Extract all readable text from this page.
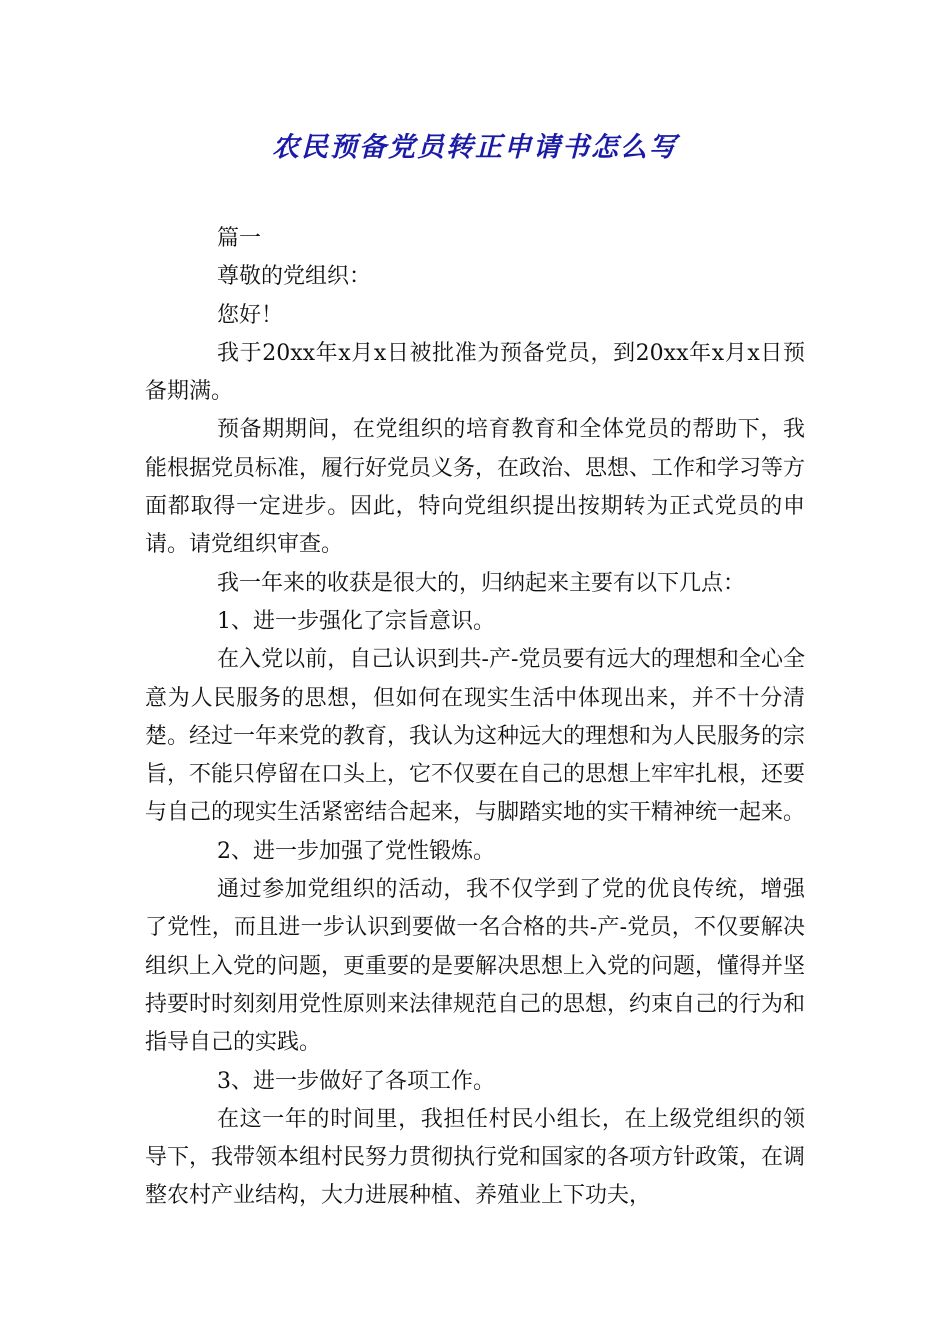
农民预备党员转正申请书怎么写

篇一

尊敬的党组织：

您好！

我于20xx年x月x日被批准为预备党员，到20xx年x月x日预备期满。

预备期期间，在党组织的培育教育和全体党员的帮助下，我能根据党员标准，履行好党员义务，在政治、思想、工作和学习等方面都取得一定进步。因此，特向党组织提出按期转为正式党员的申请。请党组织审查。

我一年来的收获是很大的，归纳起来主要有以下几点：

1、进一步强化了宗旨意识。

在入党以前，自己认识到共-产-党员要有远大的理想和全心全意为人民服务的思想，但如何在现实生活中体现出来，并不十分清楚。经过一年来党的教育，我认为这种远大的理想和为人民服务的宗旨，不能只停留在口头上，它不仅要在自己的思想上牢牢扎根，还要与自己的现实生活紧密结合起来，与脚踏实地的实干精神统一起来。

2、进一步加强了党性锻炼。

通过参加党组织的活动，我不仅学到了党的优良传统，增强了党性，而且进一步认识到要做一名合格的共-产-党员，不仅要解决组织上入党的问题，更重要的是要解决思想上入党的问题，懂得并坚持要时时刻刻用党性原则来法律规范自己的思想，约束自己的行为和指导自己的实践。

3、进一步做好了各项工作。

在这一年的时间里，我担任村民小组长，在上级党组织的领导下，我带领本组村民努力贯彻执行党和国家的各项方针政策，在调整农村产业结构，大力进展种植、养殖业上下功夫，
